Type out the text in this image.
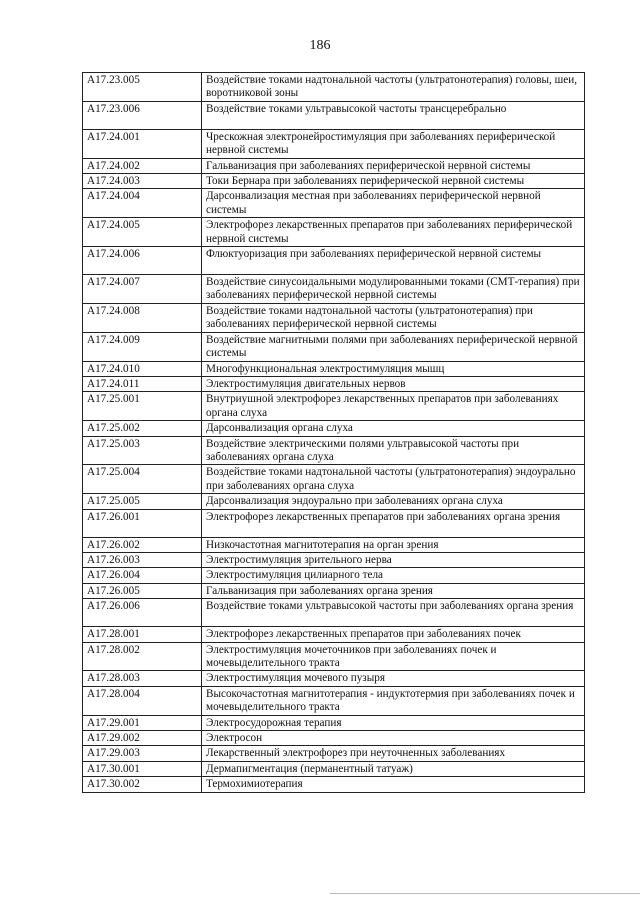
186
A17.23.005	Воздействие токами надтональной частоты (ультратонотерапия) головы, шеи, воротниковой зоны
A17.23.006	Воздействие токами ультравысокой частоты трансцеребрально
A17.24.001	Чрескожная электронейростимуляция при заболеваниях периферической нервной системы
A17.24.002	Гальванизация при заболеваниях периферической нервной системы
A17.24.003	Токи Бернара при заболеваниях периферической нервной системы
A17.24.004	Дарсонвализация местная при заболеваниях периферической нервной системы
A17.24.005	Электрофорез лекарственных препаратов при заболеваниях периферической нервной системы
A17.24.006	Флюктуоризация при заболеваниях периферической нервной системы
A17.24.007	Воздействие синусоидальными модулированными токами (СМТ-терапия) при заболеваниях периферической нервной системы
A17.24.008	Воздействие токами надтональной частоты (ультратонотерапия) при заболеваниях периферической нервной системы
A17.24.009	Воздействие магнитными полями при заболеваниях периферической нервной системы
A17.24.010	Многофункциональная электростимуляция мышц
A17.24.011	Электростимуляция двигательных нервов
A17.25.001	Внутриушной электрофорез лекарственных препаратов при заболеваниях органа слуха
A17.25.002	Дарсонвализация органа слуха
A17.25.003	Воздействие электрическими полями ультравысокой частоты при заболеваниях органа слуха
A17.25.004	Воздействие токами надтональной частоты (ультратонотерапия) эндоурально при заболеваниях органа слуха
A17.25.005	Дарсонвализация эндоурально при заболеваниях органа слуха
A17.26.001	Электрофорез лекарственных препаратов при заболеваниях органа зрения
A17.26.002	Низкочастотная магнитотерапия на орган зрения
A17.26.003	Электростимуляция зрительного нерва
A17.26.004	Электростимуляция цилиарного тела
A17.26.005	Гальванизация при заболеваниях органа зрения
A17.26.006	Воздействие токами ультравысокой частоты при заболеваниях органа зрения
A17.28.001	Электрофорез лекарственных препаратов при заболеваниях почек
A17.28.002	Электростимуляция мочеточников при заболеваниях почек и мочевыделительного тракта
A17.28.003	Электростимуляция мочевого пузыря
A17.28.004	Высокочастотная магнитотерапия - индуктотермия при заболеваниях почек и мочевыделительного тракта
A17.29.001	Электросудорожная терапия
A17.29.002	Электросон
A17.29.003	Лекарственный электрофорез при неуточненных заболеваниях
A17.30.001	Дермапигментация (перманентный татуаж)
A17.30.002	Термохимиотерапия
